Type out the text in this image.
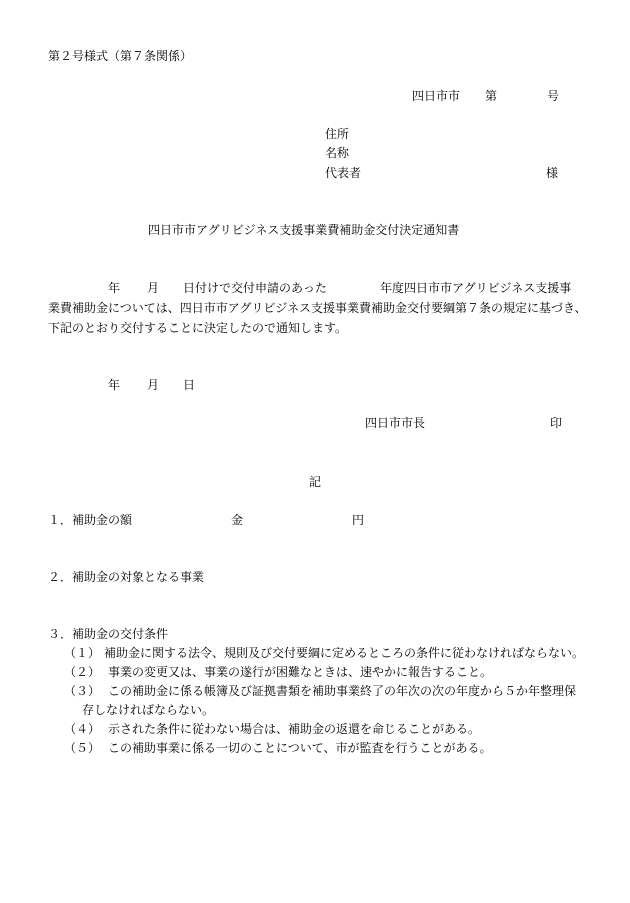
第２号様式（第７条関係）
四日市市 第	号
住所
名称
代表者	様
四日市市アグリビジネス支援事業費補助金交付決定通知書
年 月 日付けで交付申請のあった	年度四日市市アグリビジネス支援事
業費補助金については、四日市市アグリビジネス支援事業費補助金交付要綱第７条の規定に基づき、
下記のとおり交付することに決定したので通知します。
年 月 日
四日市市長	印
記
１．補助金の額	金	円
２．補助金の対象となる事業
３．補助金の交付条件
（１） 補助金に関する法令、規則及び交付要綱に定めるところの条件に従わなければならない。
（２） 事業の変更又は、事業の遂行が困難なときは、速やかに報告すること。
（３） この補助金に係る帳簿及び証拠書類を補助事業終了の年次の次の年度から５か年整理保
存しなければならない。
（４） 示された条件に従わない場合は、補助金の返還を命じることがある。
（５） この補助事業に係る一切のことについて、市が監査を行うことがある。
